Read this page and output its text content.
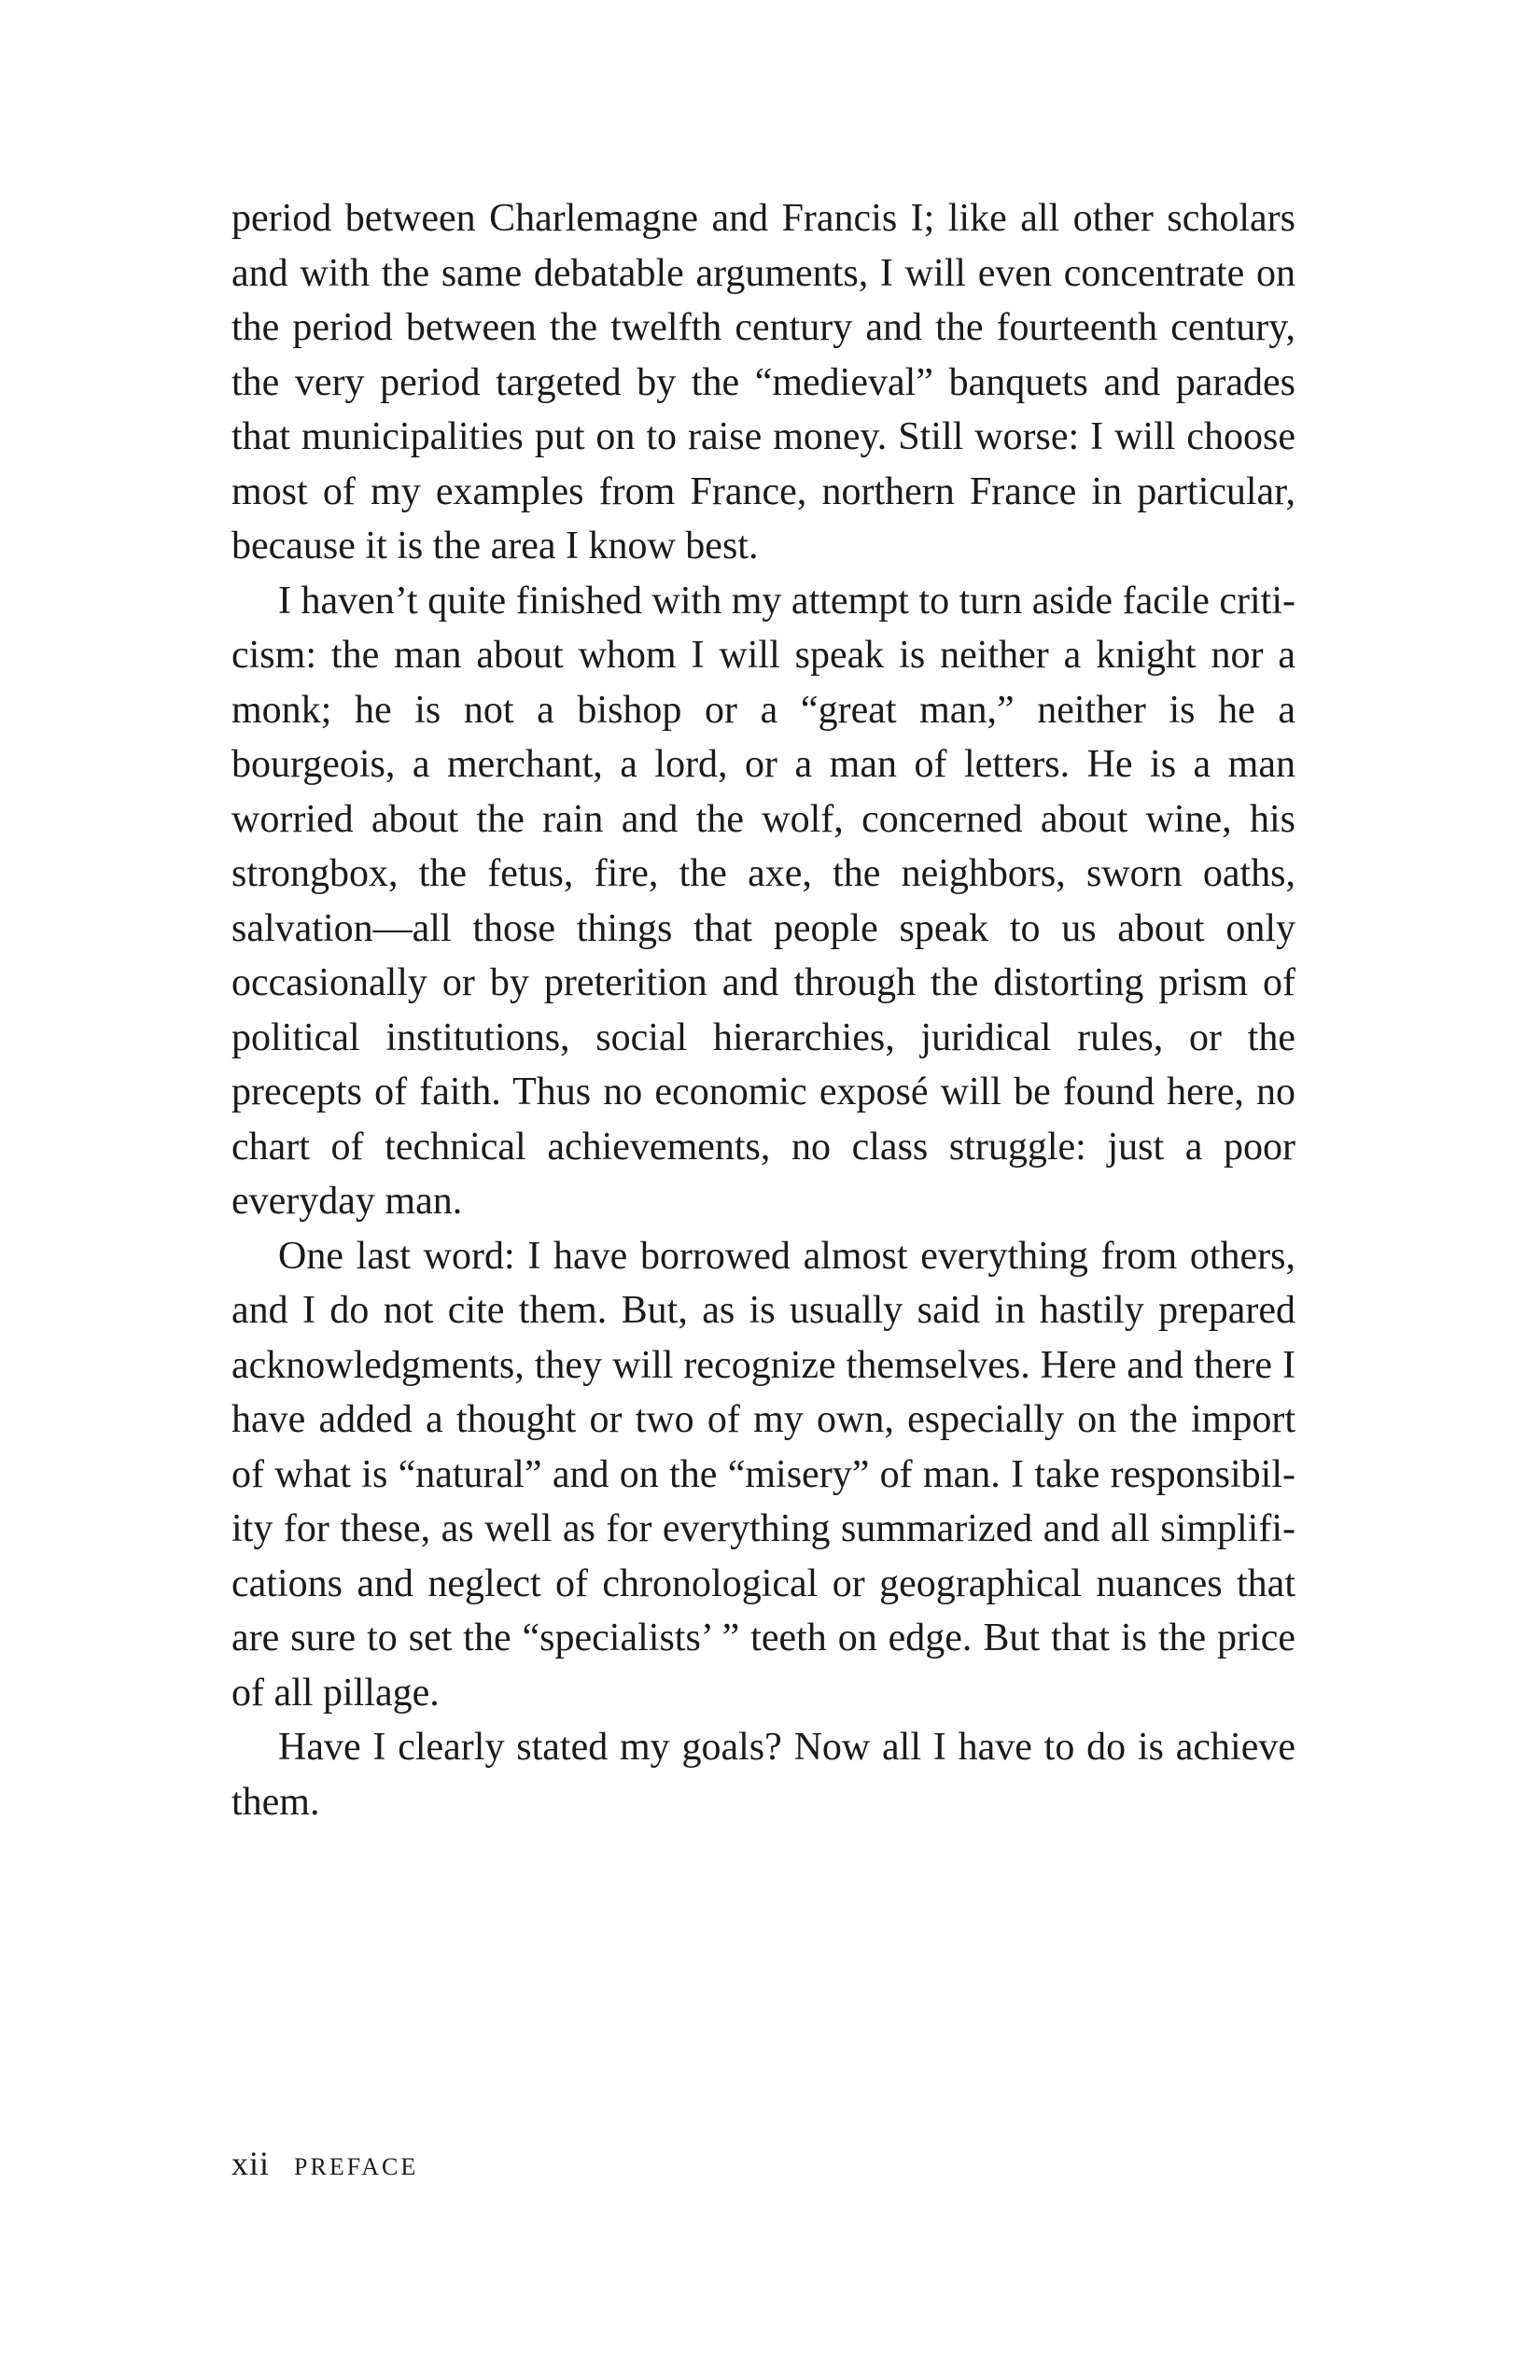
period between Charlemagne and Francis I; like all other scholars and with the same debatable arguments, I will even concentrate on the period between the twelfth century and the fourteenth century, the very period targeted by the “medieval” banquets and parades that municipalities put on to raise money. Still worse: I will choose most of my examples from France, northern France in particular, because it is the area I know best.

I haven’t quite finished with my attempt to turn aside facile criticism: the man about whom I will speak is neither a knight nor a monk; he is not a bishop or a “great man,” neither is he a bourgeois, a merchant, a lord, or a man of letters. He is a man worried about the rain and the wolf, concerned about wine, his strongbox, the fetus, fire, the axe, the neighbors, sworn oaths, salvation—all those things that people speak to us about only occasionally or by preterition and through the distorting prism of political institutions, social hierarchies, juridical rules, or the precepts of faith. Thus no economic exposé will be found here, no chart of technical achievements, no class struggle: just a poor everyday man.

One last word: I have borrowed almost everything from others, and I do not cite them. But, as is usually said in hastily prepared acknowledgments, they will recognize themselves. Here and there I have added a thought or two of my own, especially on the import of what is “natural” and on the “misery” of man. I take responsibility for these, as well as for everything summarized and all simplifications and neglect of chronological or geographical nuances that are sure to set the “specialists’ ” teeth on edge. But that is the price of all pillage.

Have I clearly stated my goals? Now all I have to do is achieve them.

xii PREFACE
